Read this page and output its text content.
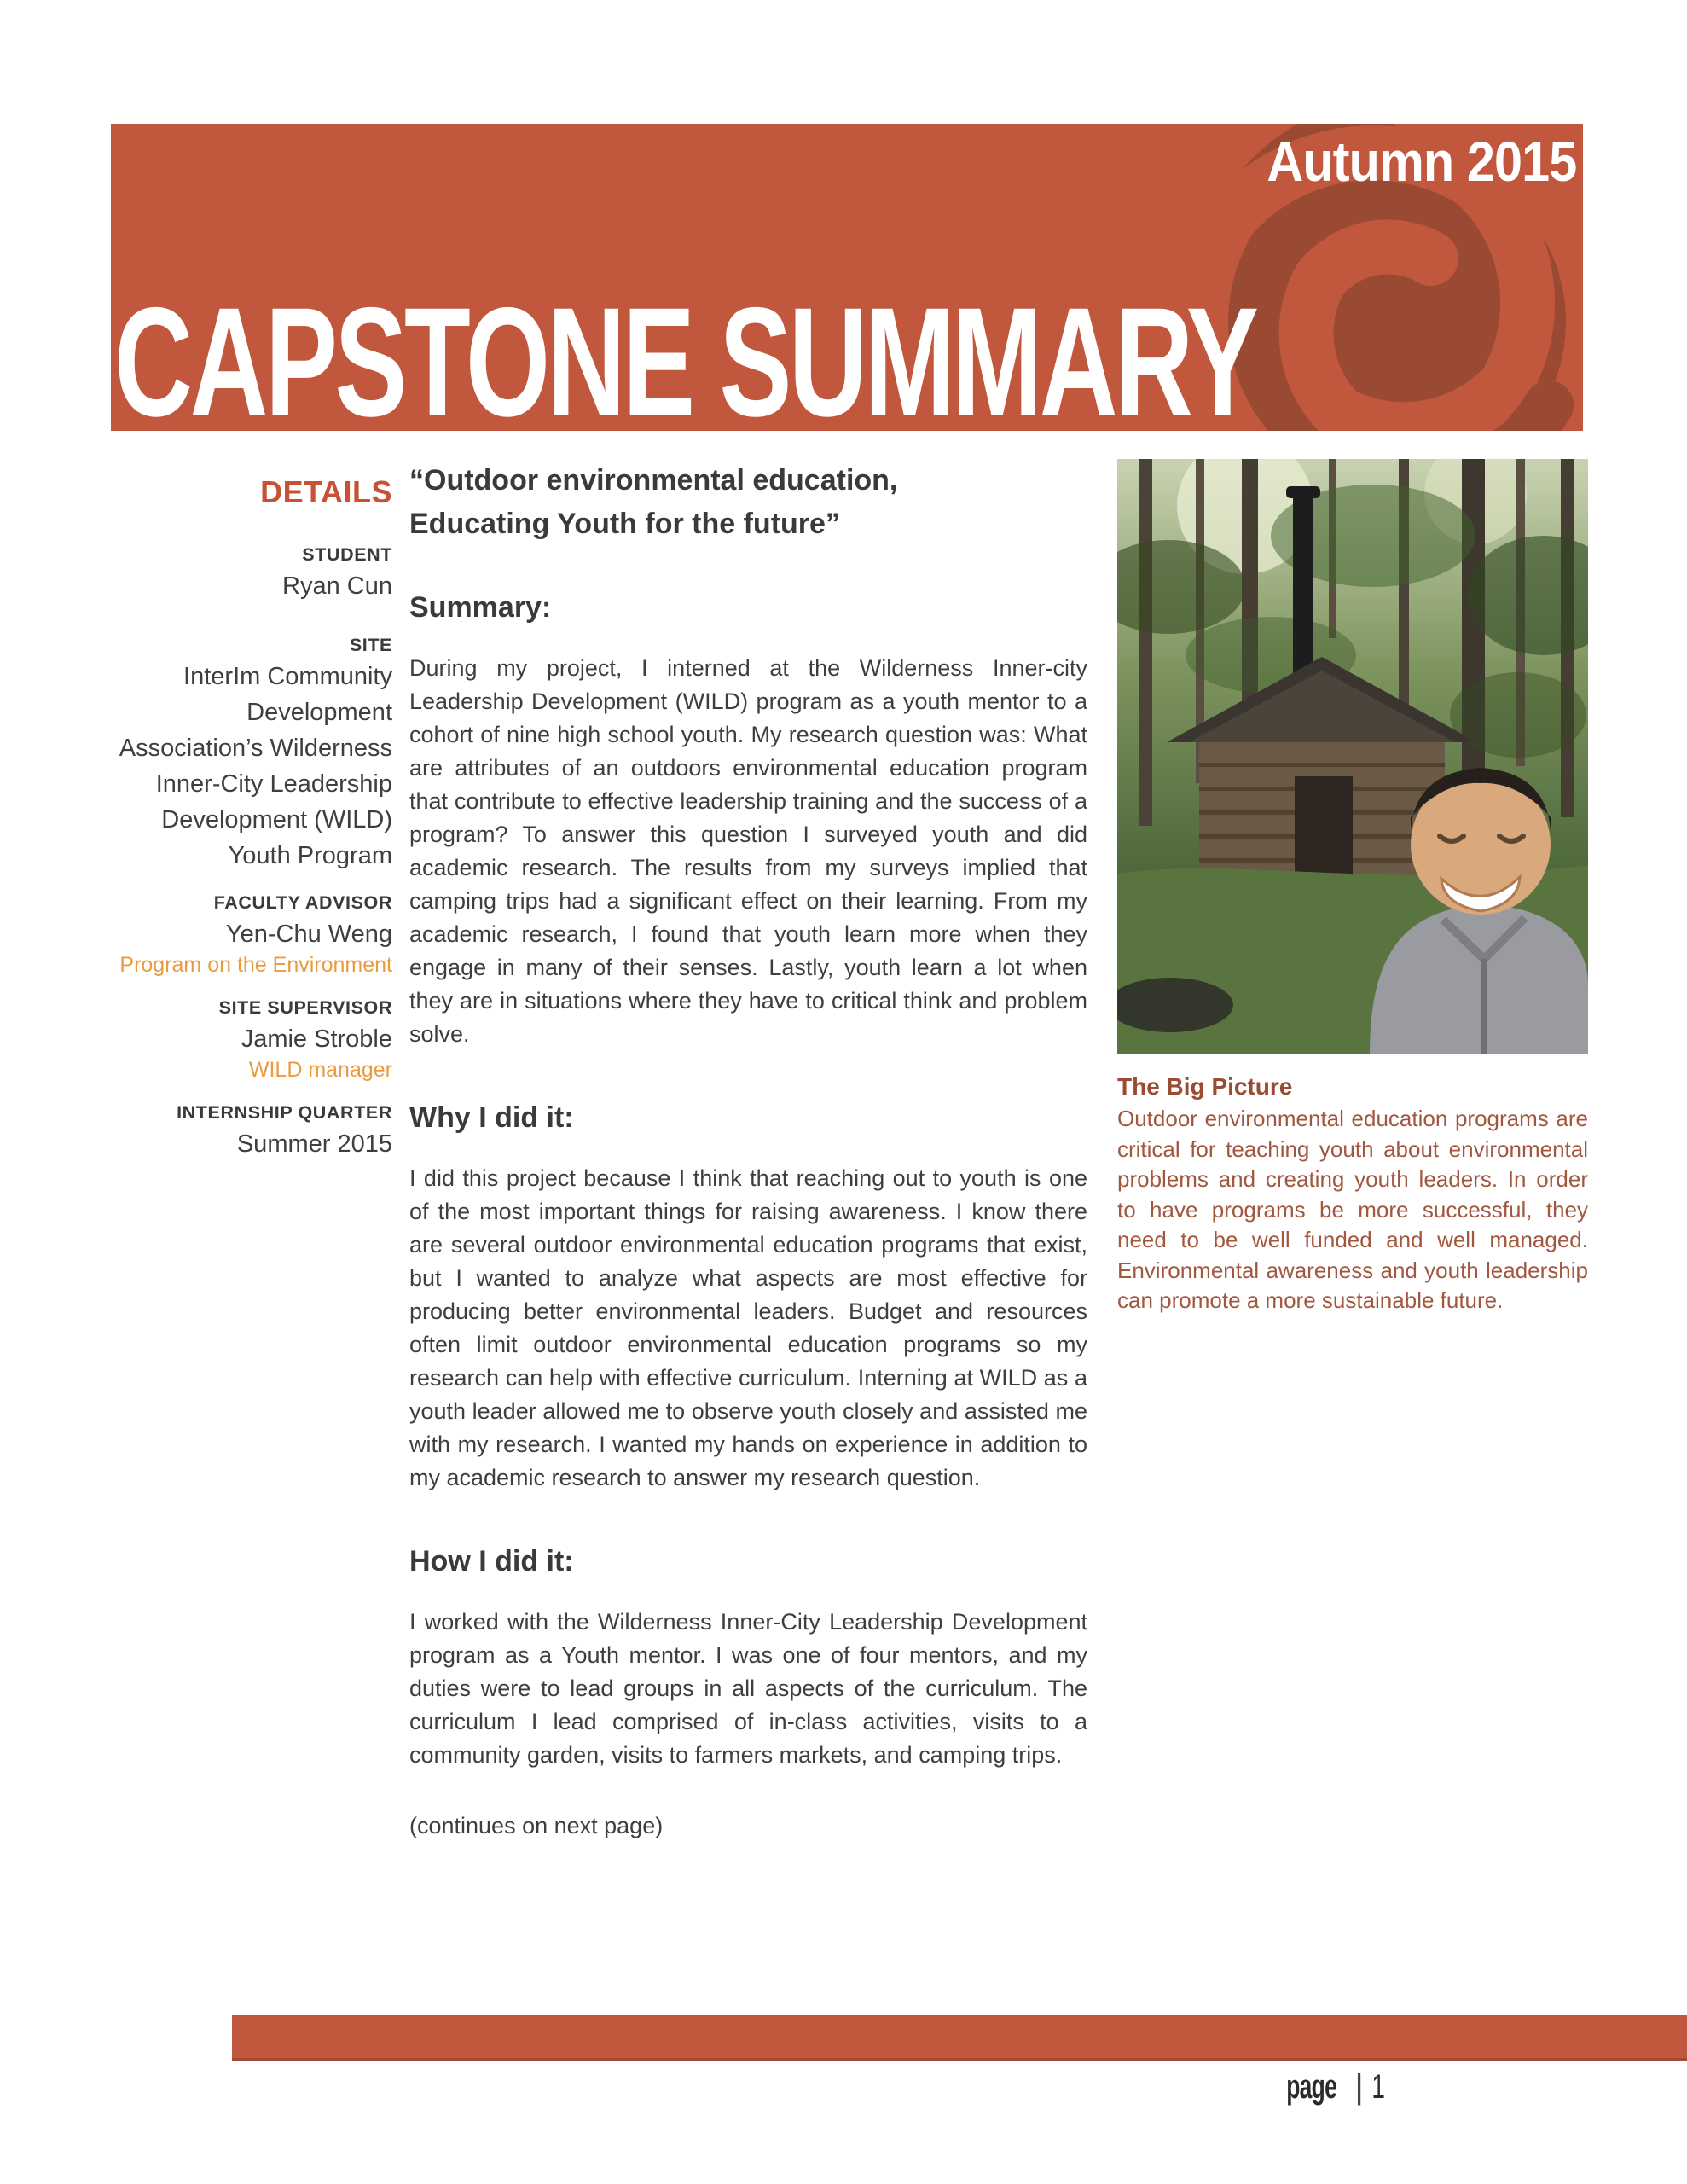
Autumn 2015
CAPSTONE SUMMARY
DETAILS
STUDENT
Ryan Cun
SITE
InterIm Community
Development
Association’s Wilderness
Inner-City Leadership
Development (WILD)
Youth Program
FACULTY ADVISOR
Yen-Chu Weng
Program on the Environment
SITE SUPERVISOR
Jamie Stroble
WILD manager
INTERNSHIP QUARTER
Summer 2015
“Outdoor environmental education,
Educating Youth for the future”
Summary:
During my project, I interned at the Wilderness Inner-city Leadership Development (WILD) program as a youth mentor to a cohort of nine high school youth. My research question was: What are attributes of an outdoors environmental education program that contribute to effective leadership training and the success of a program? To answer this question I surveyed youth and did academic research. The results from my surveys implied that camping trips had a significant effect on their learning. From my academic research, I found that youth learn more when they engage in many of their senses. Lastly, youth learn a lot when they are in situations where they have to critical think and problem solve.
Why I did it:
I did this project because I think that reaching out to youth is one of the most important things for raising awareness. I know there are several outdoor environmental education programs that exist, but I wanted to analyze what aspects are most effective for producing better environmental leaders. Budget and resources often limit outdoor environmental education programs so my research can help with effective curriculum. Interning at WILD as a youth leader allowed me to observe youth closely and assisted me with my research. I wanted my hands on experience in addition to my academic research to answer my research question.
How I did it:
I worked with the Wilderness Inner-City Leadership Development program as a Youth mentor. I was one of four mentors, and my duties were to lead groups in all aspects of the curriculum. The curriculum I lead comprised of in-class activities, visits to a community garden, visits to farmers markets, and camping trips.
(continues on next page)
The Big Picture
Outdoor environmental education programs are critical for teaching youth about environmental problems and creating youth leaders. In order to have programs be more successful, they need to be well funded and well managed. Environmental awareness and youth leadership can promote a more sustainable future.
page | 1
